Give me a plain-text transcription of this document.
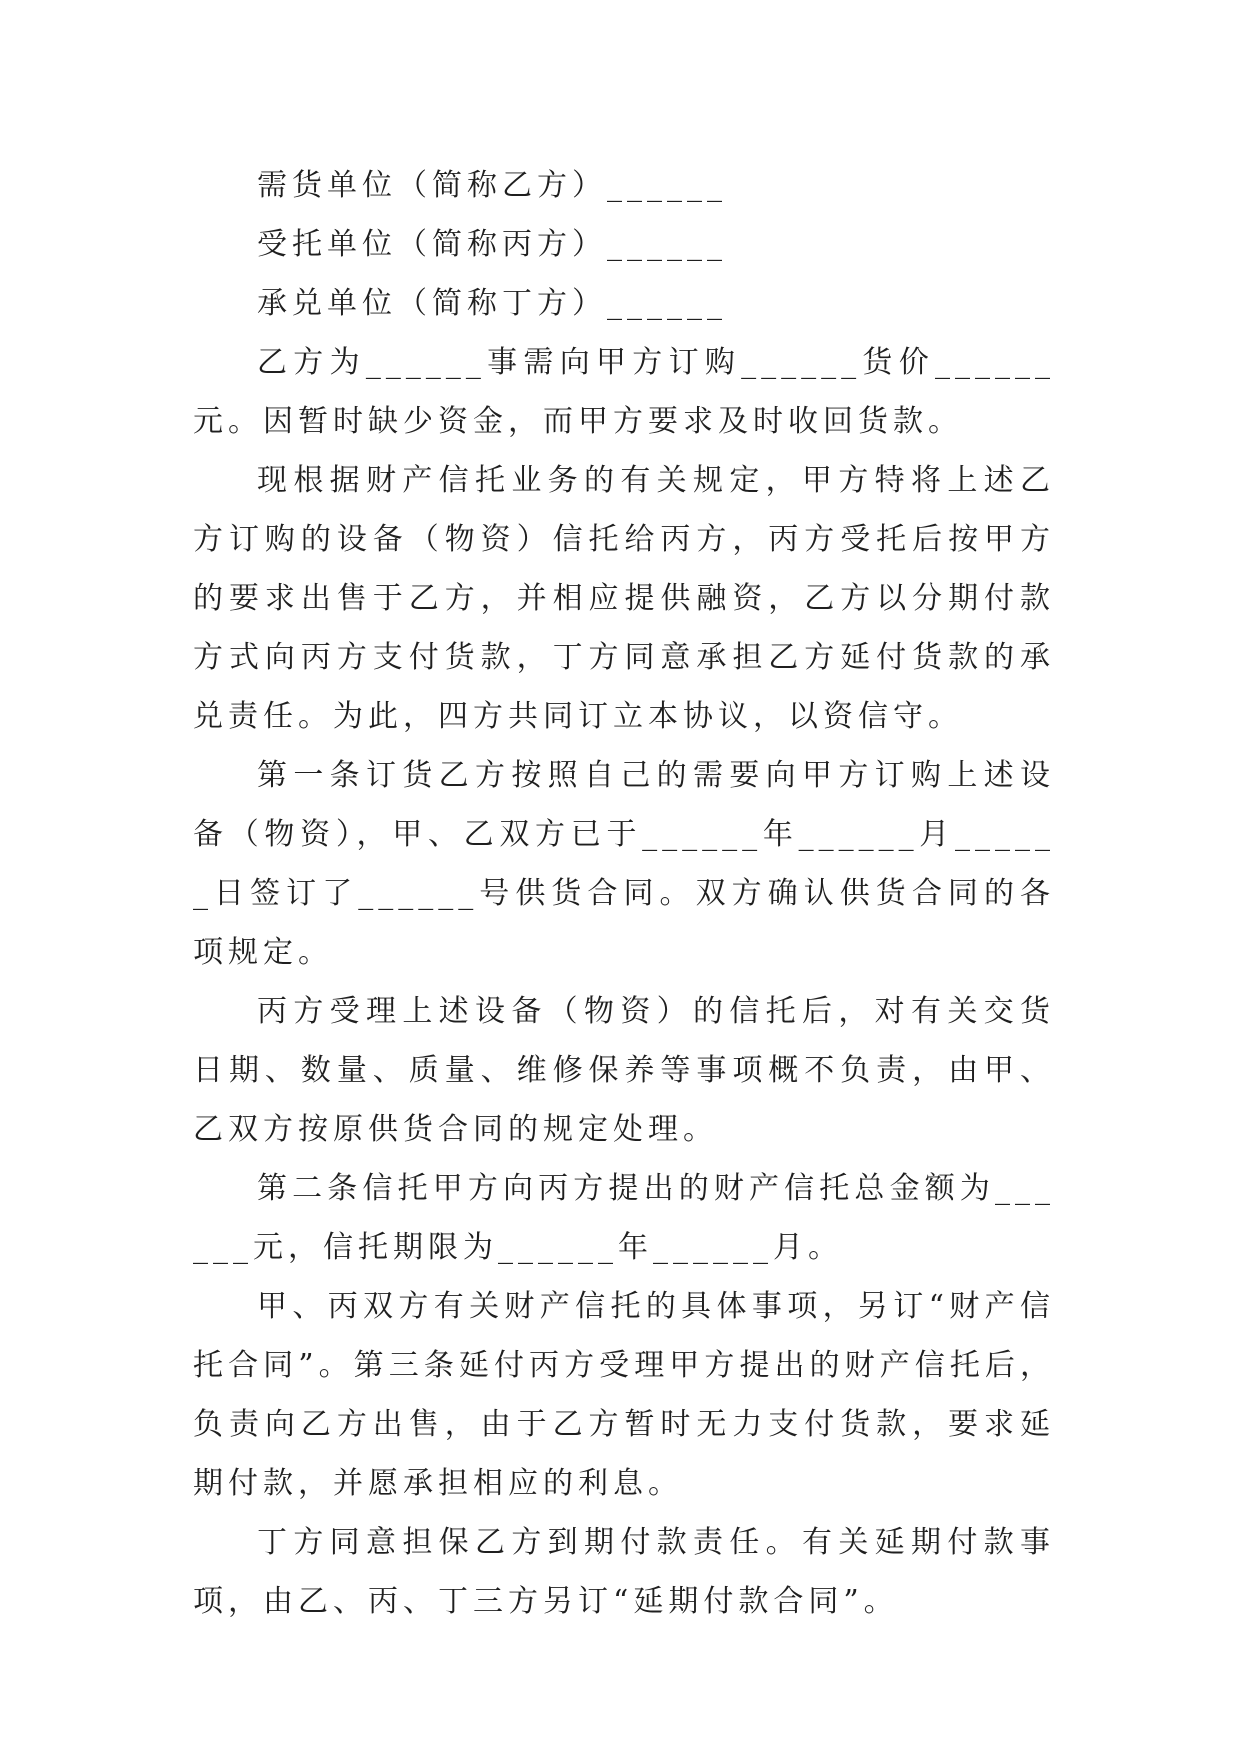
需货单位（简称乙方）______

受托单位（简称丙方）______

承兑单位（简称丁方）______

乙方为______事需向甲方订购______货价______元。因暂时缺少资金，而甲方要求及时收回货款。

现根据财产信托业务的有关规定，甲方特将上述乙方订购的设备（物资）信托给丙方，丙方受托后按甲方的要求出售于乙方，并相应提供融资，乙方以分期付款方式向丙方支付货款，丁方同意承担乙方延付货款的承兑责任。为此，四方共同订立本协议，以资信守。

第一条订货乙方按照自己的需要向甲方订购上述设备（物资），甲、乙双方已于______年______月______日签订了______号供货合同。双方确认供货合同的各项规定。

丙方受理上述设备（物资）的信托后，对有关交货日期、数量、质量、维修保养等事项概不负责，由甲、乙双方按原供货合同的规定处理。

第二条信托甲方向丙方提出的财产信托总金额为______元，信托期限为______年______月。

甲、丙双方有关财产信托的具体事项，另订“财产信托合同”。第三条延付丙方受理甲方提出的财产信托后，负责向乙方出售，由于乙方暂时无力支付货款，要求延期付款，并愿承担相应的利息。

丁方同意担保乙方到期付款责任。有关延期付款事项，由乙、丙、丁三方另订“延期付款合同”。
